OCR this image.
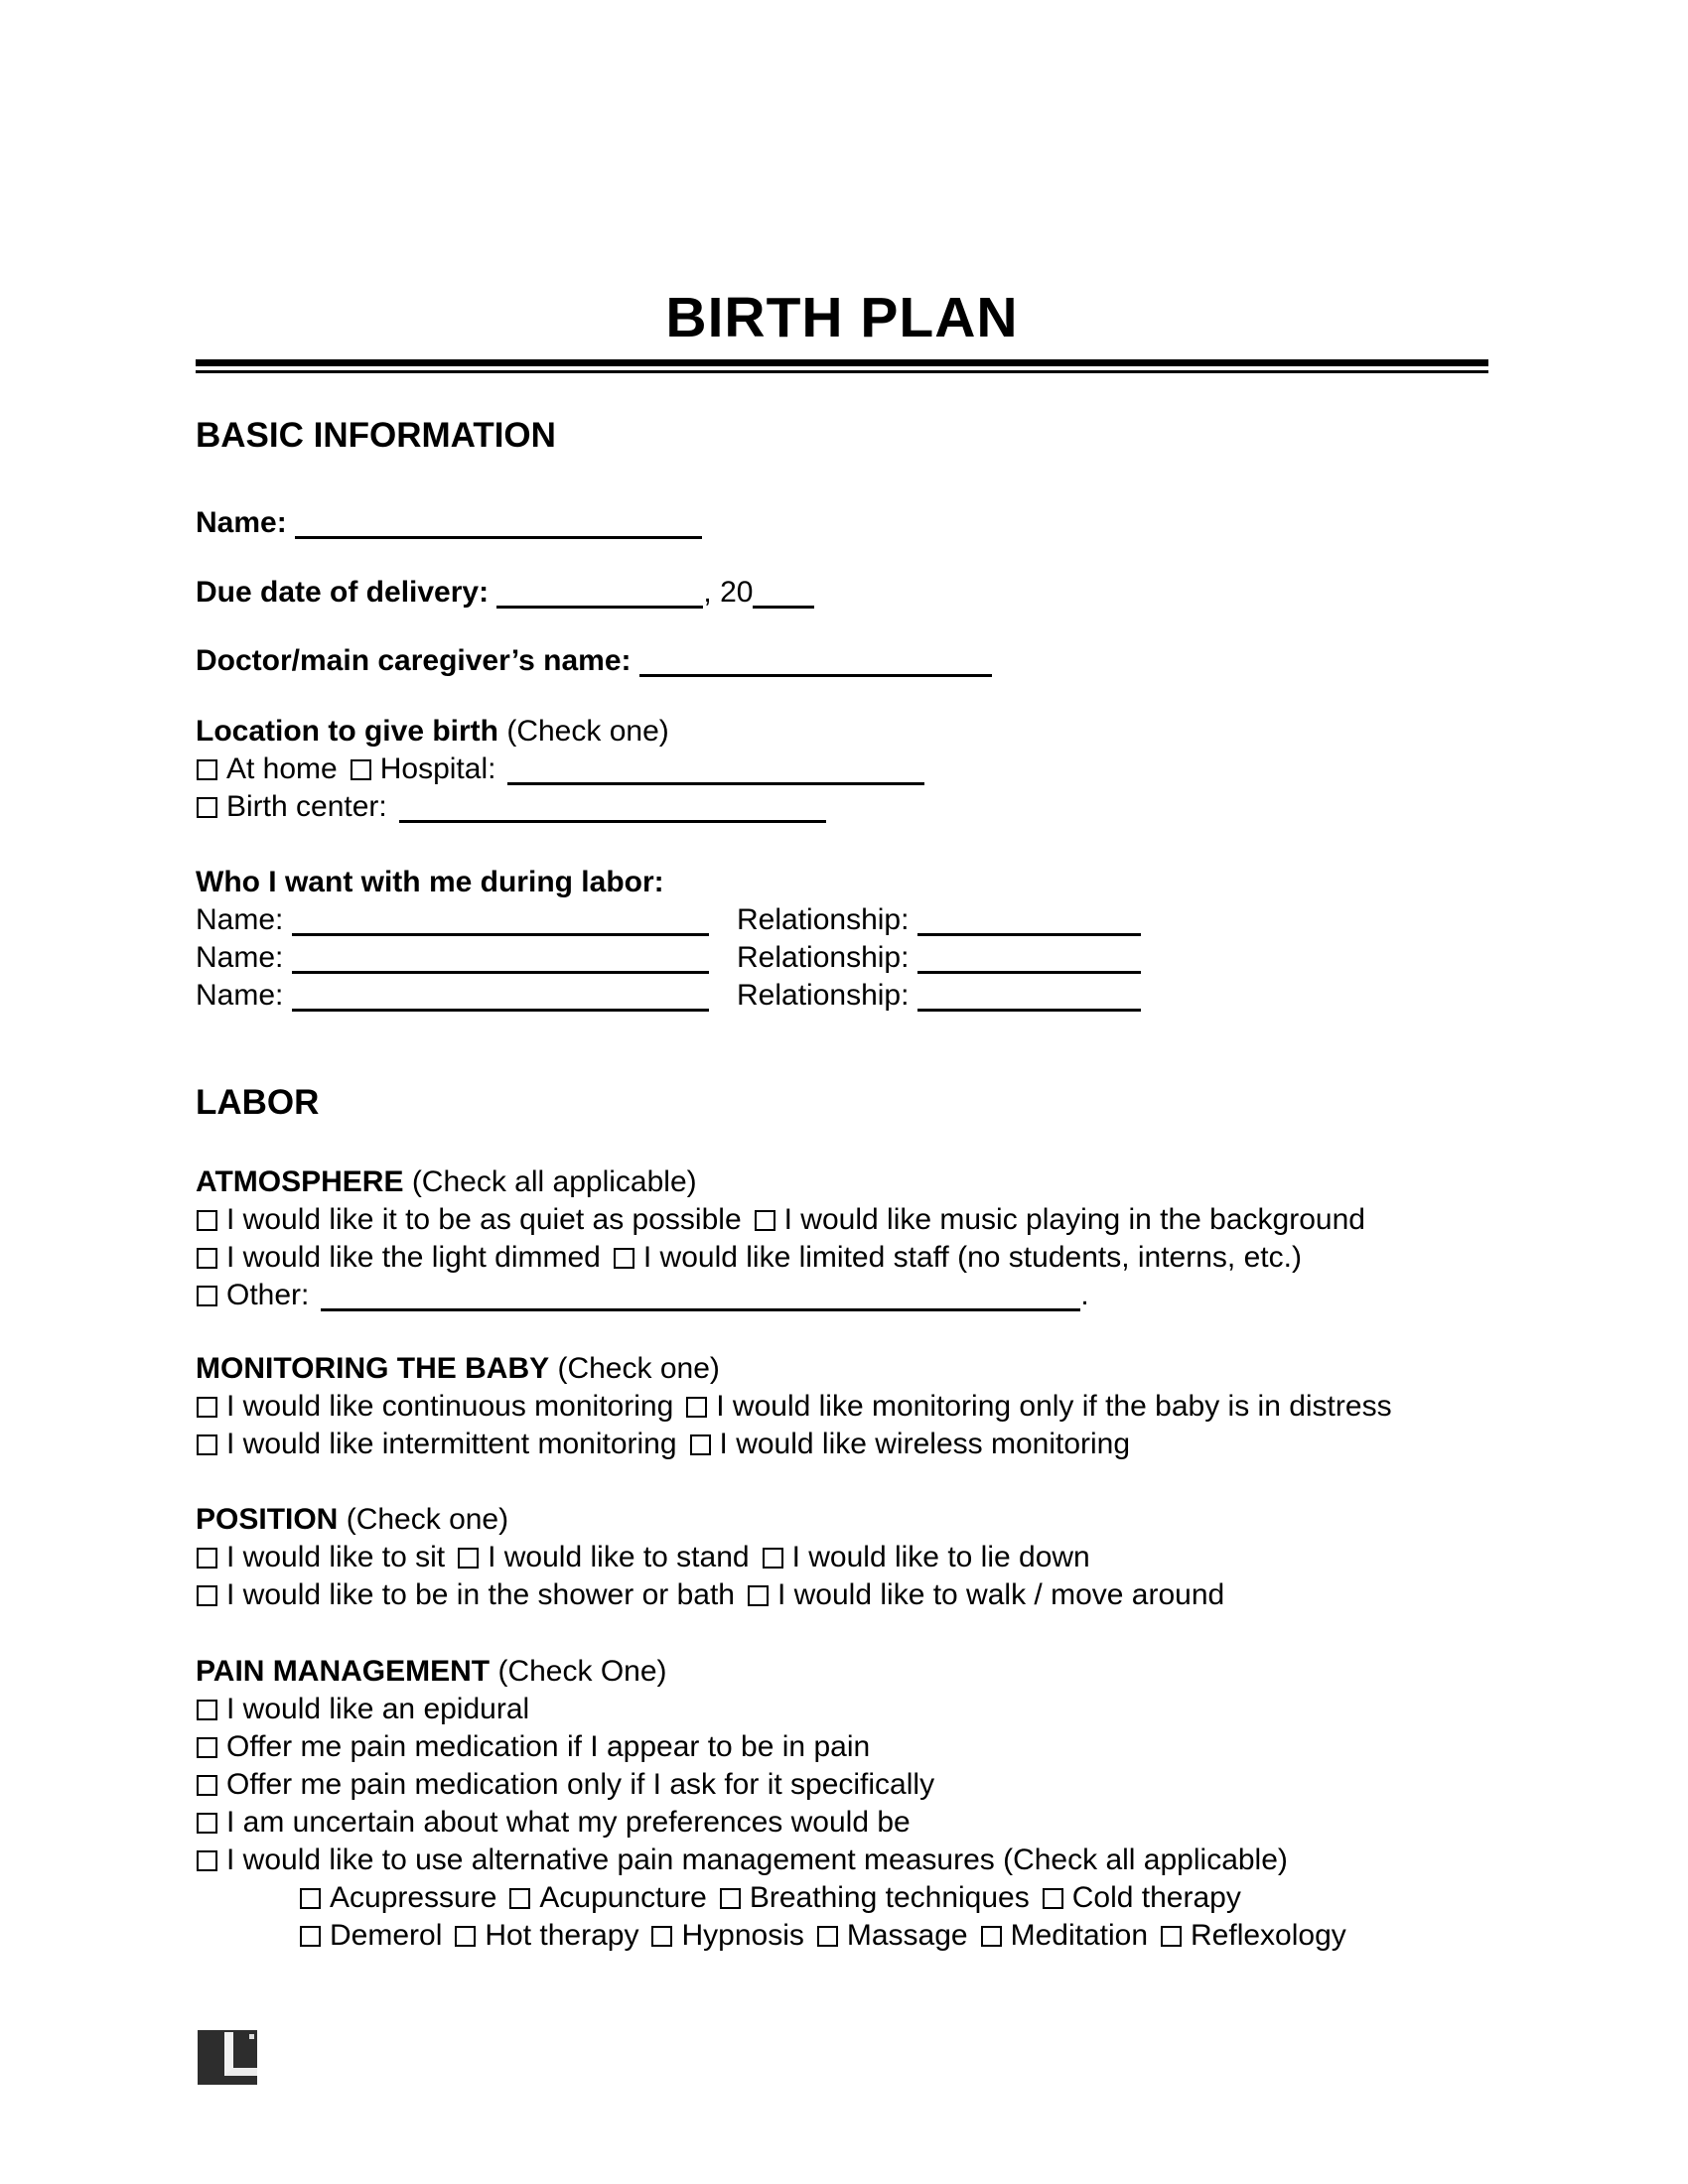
BIRTH PLAN
BASIC INFORMATION
Name:
Due date of delivery:	, 20
Doctor/main caregiver’s name:
Location to give birth (Check one)
At home Hospital:
Birth center:
Who I want with me during labor:
Name:	Relationship:
Name:	Relationship:
Name:	Relationship:
LABOR
ATMOSPHERE (Check all applicable)
I would like it to be as quiet as possible I would like music playing in the background
I would like the light dimmed I would like limited staff (no students, interns, etc.)
Other:	.
MONITORING THE BABY (Check one)
I would like continuous monitoring I would like monitoring only if the baby is in distress
I would like intermittent monitoring I would like wireless monitoring
POSITION (Check one)
I would like to sit I would like to stand I would like to lie down
I would like to be in the shower or bath I would like to walk / move around
PAIN MANAGEMENT (Check One)
I would like an epidural
Offer me pain medication if I appear to be in pain
Offer me pain medication only if I ask for it specifically
I am uncertain about what my preferences would be
I would like to use alternative pain management measures (Check all applicable)
Acupressure Acupuncture Breathing techniques Cold therapy
Demerol Hot therapy Hypnosis Massage Meditation Reflexology
